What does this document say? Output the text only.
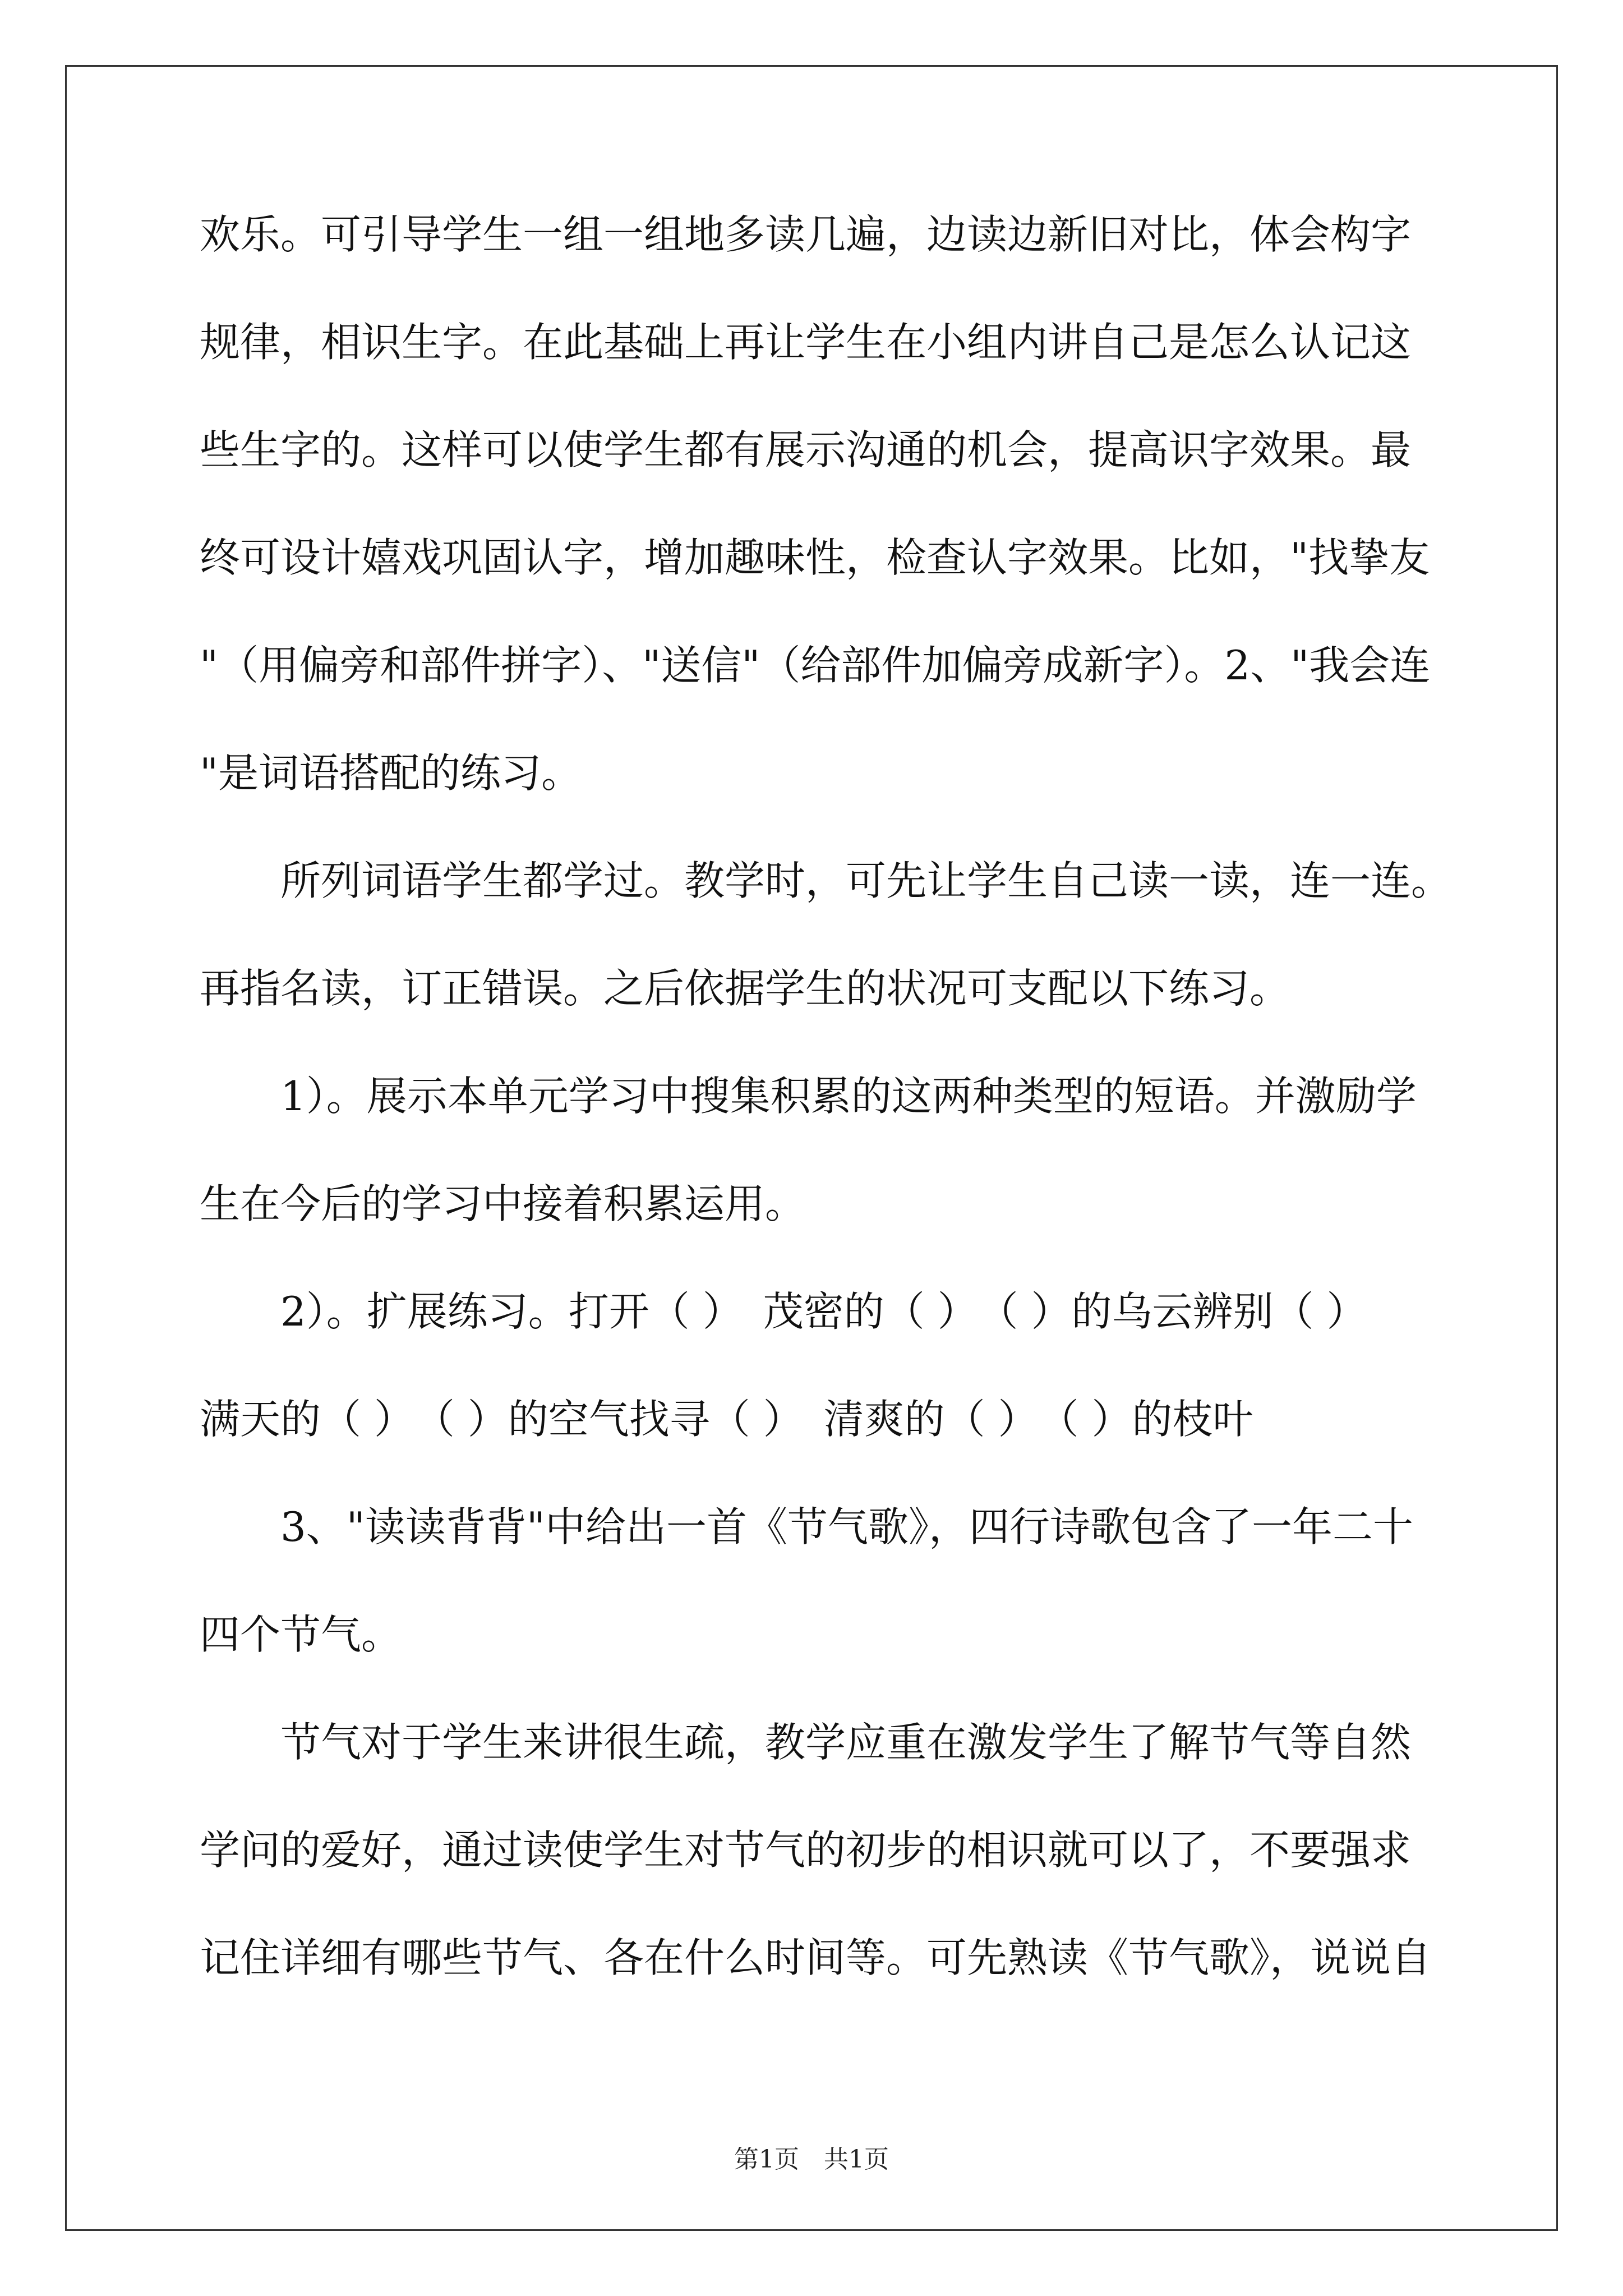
欢乐。可引导学生一组一组地多读几遍，边读边新旧对比，体会构字

规律，相识生字。在此基础上再让学生在小组内讲自己是怎么认记这

些生字的。这样可以使学生都有展示沟通的机会，提高识字效果。最

终可设计嬉戏巩固认字，增加趣味性，检查认字效果。比如，"找挚友

"（用偏旁和部件拼字）、"送信"（给部件加偏旁成新字）。2、"我会连

"是词语搭配的练习。

所列词语学生都学过。教学时，可先让学生自己读一读，连一连。

再指名读，订正错误。之后依据学生的状况可支配以下练习。

1）。展示本单元学习中搜集积累的这两种类型的短语。并激励学

生在今后的学习中接着积累运用。

2）。扩展练习。打开（ ）　茂密的（ ）　（ ）的乌云辨别（ ）

满天的（ ）　（ ）的空气找寻（ ）　清爽的（ ）　（ ）的枝叶

3、"读读背背"中给出一首《节气歌》，四行诗歌包含了一年二十

四个节气。

节气对于学生来讲很生疏，教学应重在激发学生了解节气等自然

学问的爱好，通过读使学生对节气的初步的相识就可以了，不要强求

记住详细有哪些节气、各在什么时间等。可先熟读《节气歌》，说说自

第1页　共1页
